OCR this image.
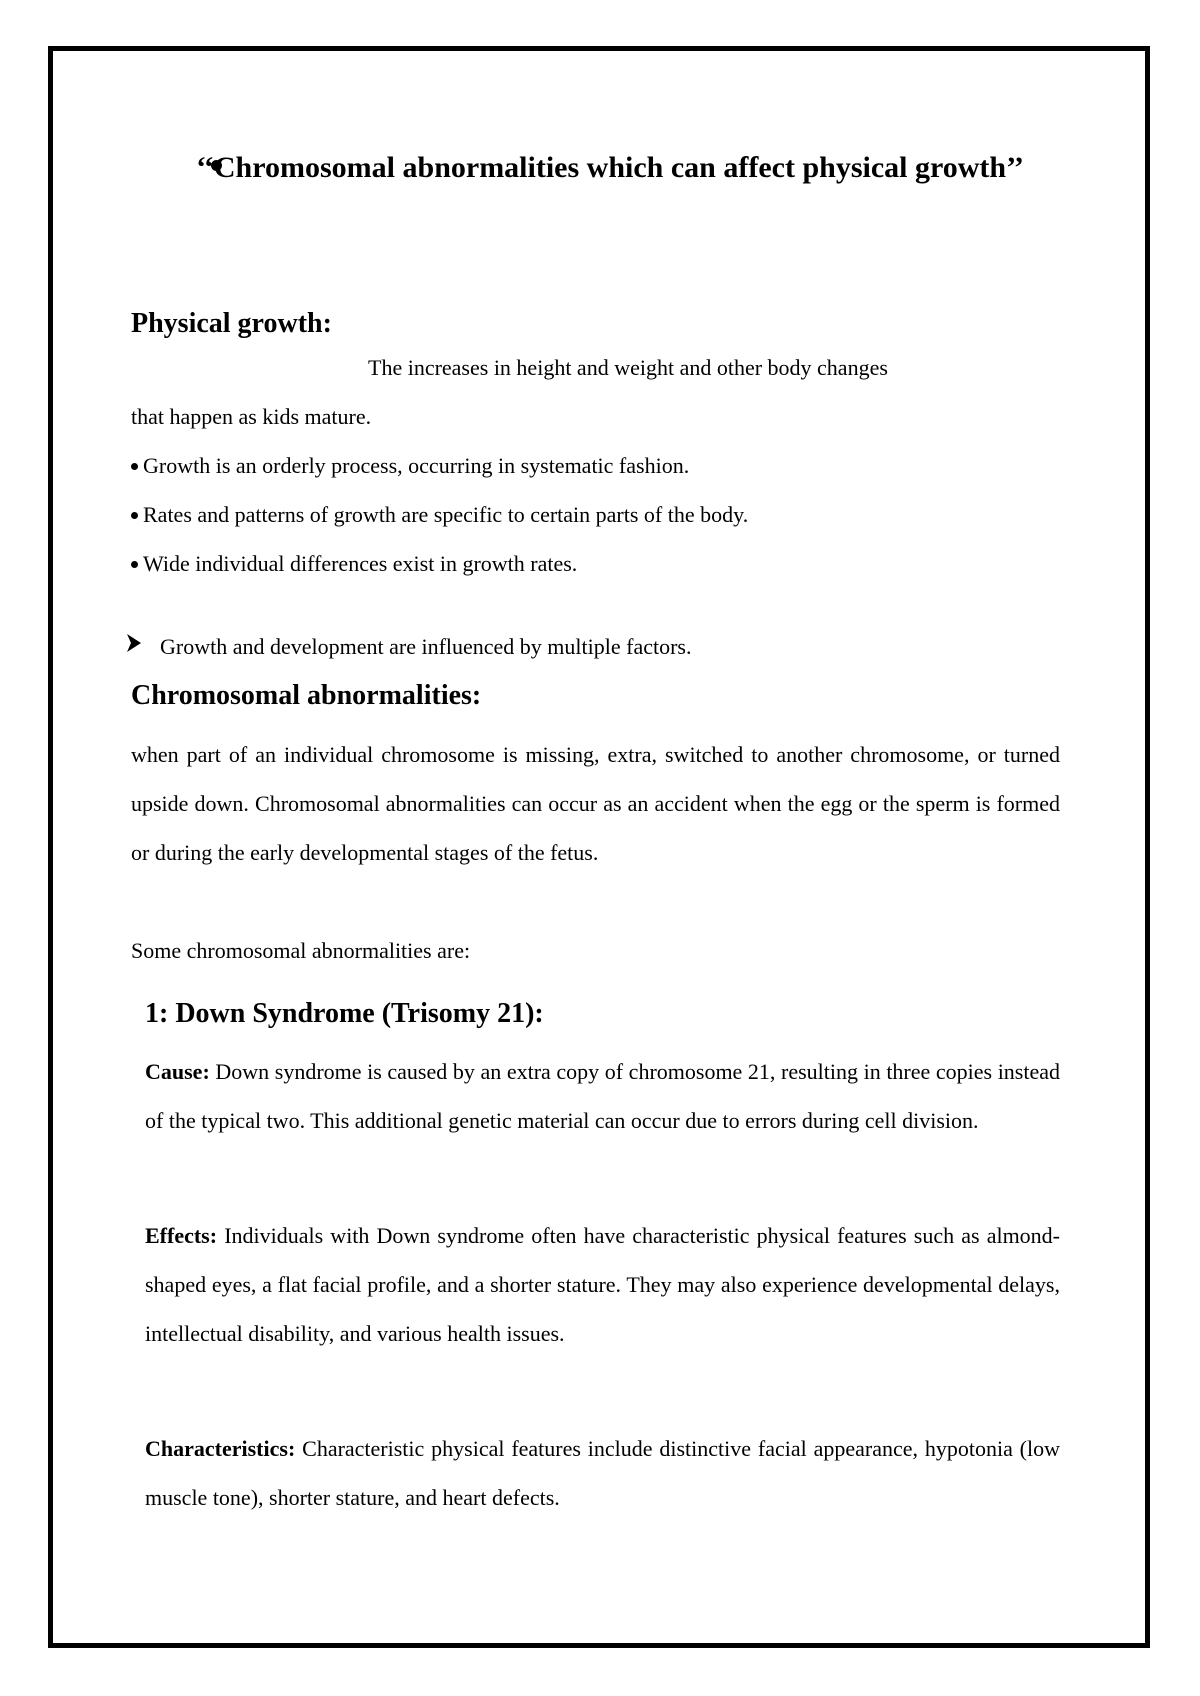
‘‘Chromosomal abnormalities which can affect physical growth’’

Physical growth:

The increases in height and weight and other body changes

that happen as kids mature.

Growth is an orderly process, occurring in systematic fashion.

Rates and patterns of growth are specific to certain parts of the body.

Wide individual differences exist in growth rates.

Growth and development are influenced by multiple factors.

Chromosomal abnormalities:

when part of an individual chromosome is missing, extra, switched to another chromosome, or turned upside down. Chromosomal abnormalities can occur as an accident when the egg or the sperm is formed or during the early developmental stages of the fetus.

Some chromosomal abnormalities are:

1: Down Syndrome (Trisomy 21):

Cause: Down syndrome is caused by an extra copy of chromosome 21, resulting in three copies instead of the typical two. This additional genetic material can occur due to errors during cell division.

Effects: Individuals with Down syndrome often have characteristic physical features such as almond-shaped eyes, a flat facial profile, and a shorter stature. They may also experience developmental delays, intellectual disability, and various health issues.

Characteristics: Characteristic physical features include distinctive facial appearance, hypotonia (low muscle tone), shorter stature, and heart defects.
